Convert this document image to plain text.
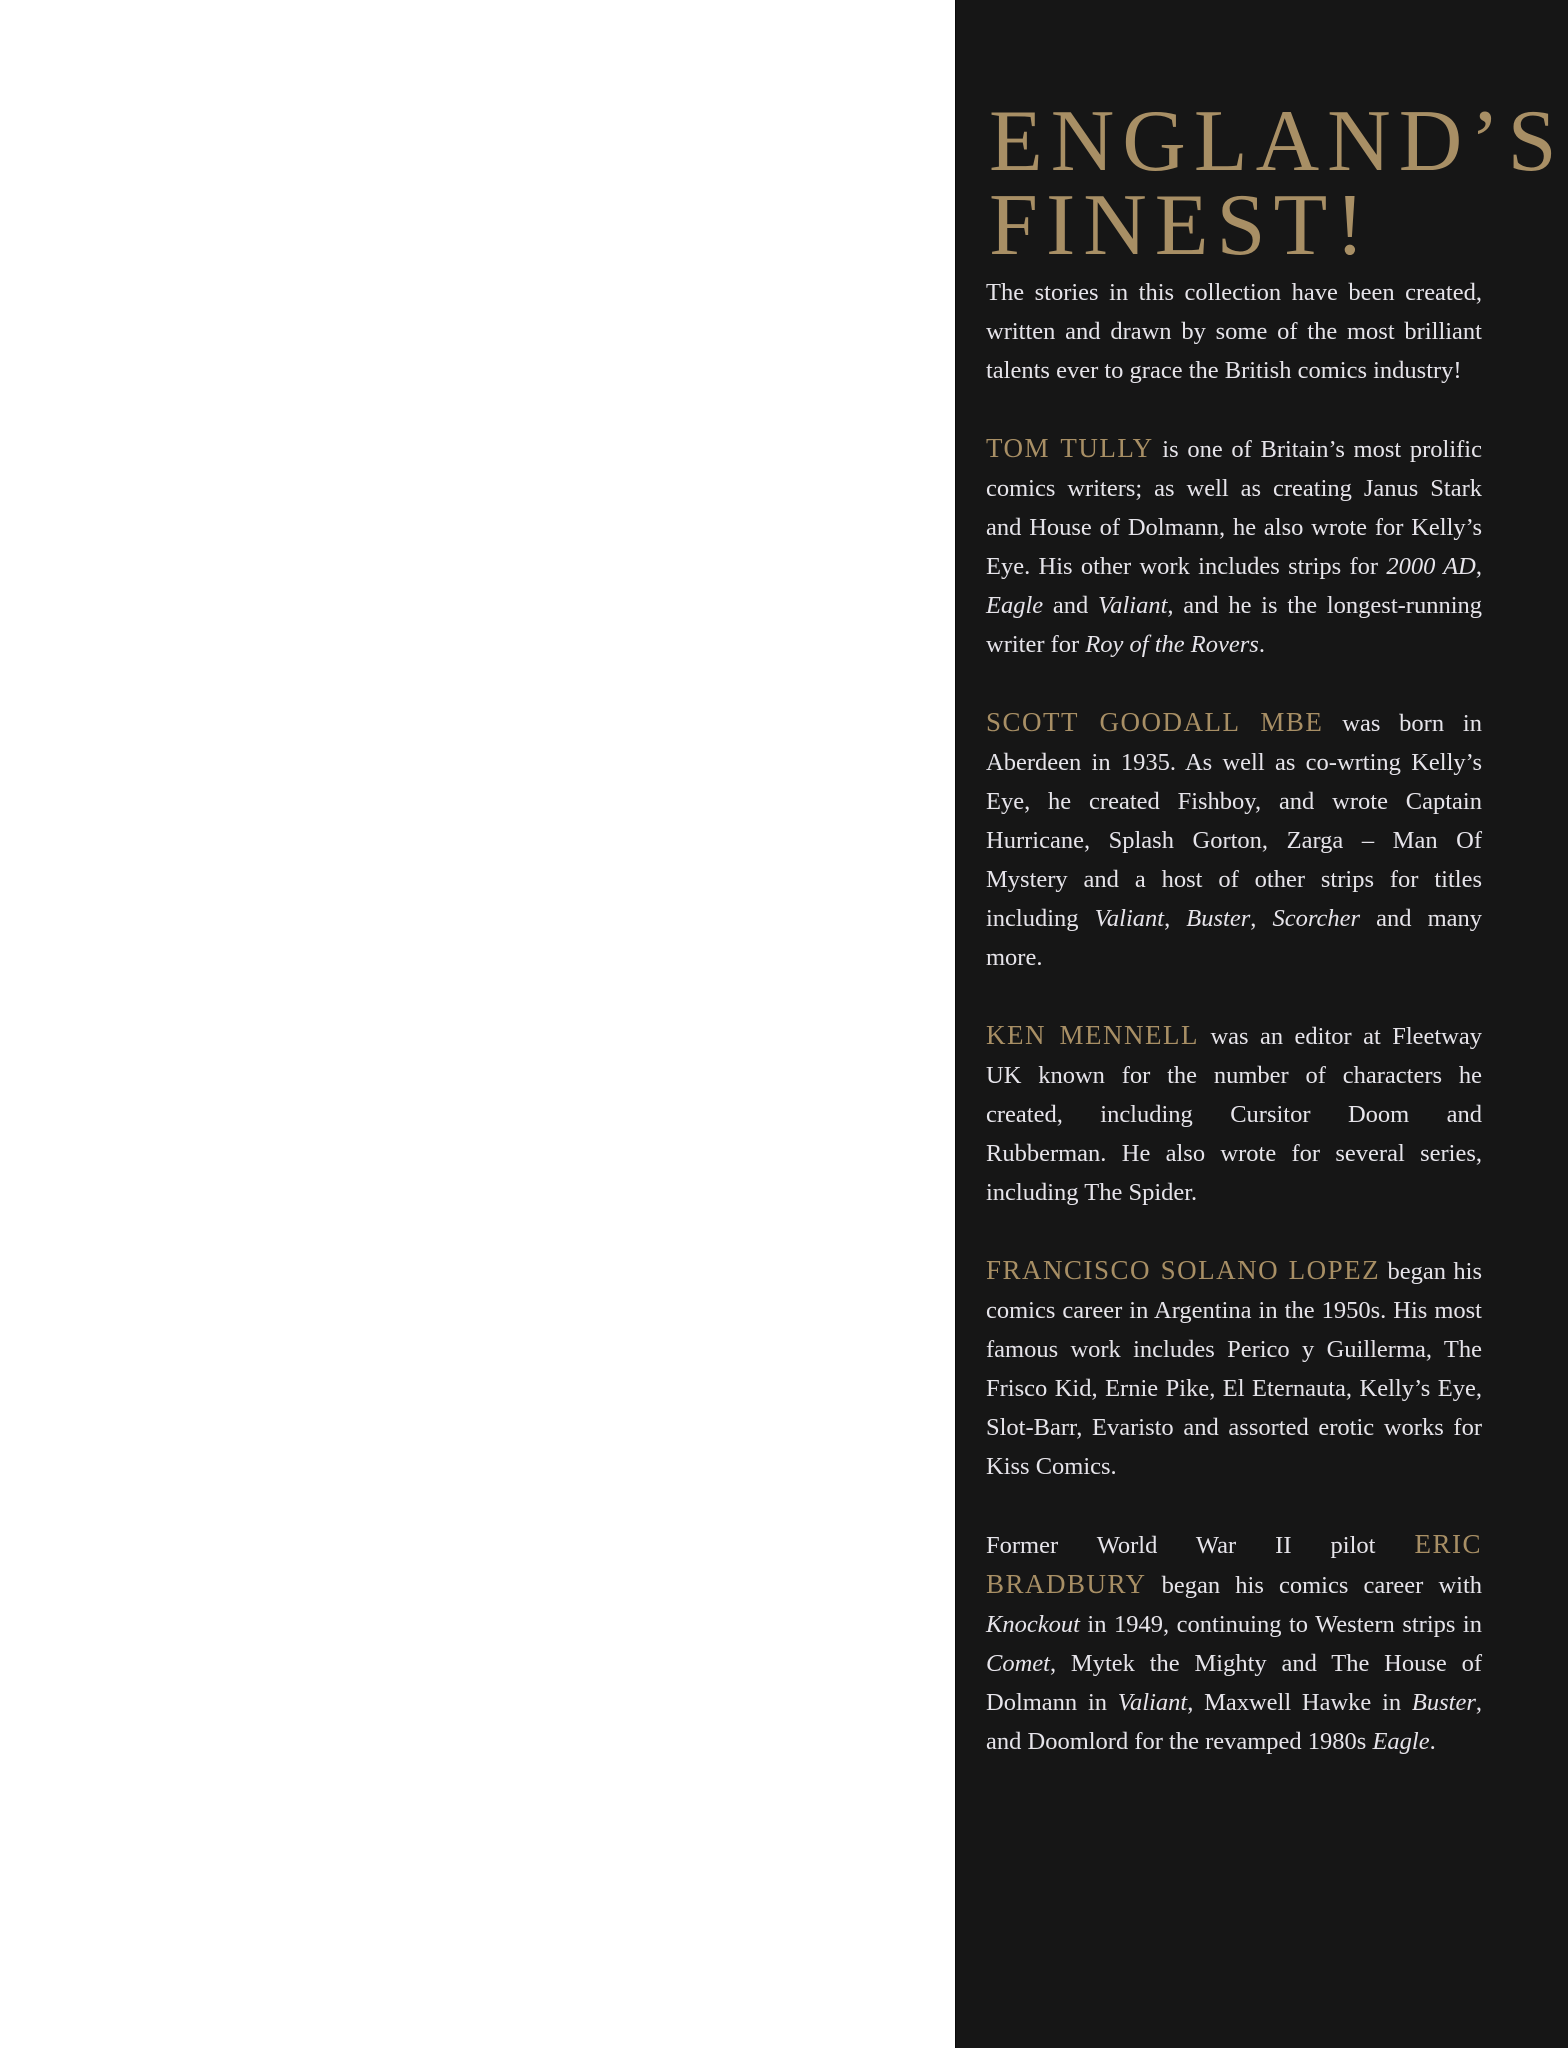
ENGLAND’S
FINEST!

The stories in this collection have been created, written and drawn by some of the most brilliant talents ever to grace the British comics industry!

TOM TULLY is one of Britain’s most prolific comics writers; as well as creating Janus Stark and House of Dolmann, he also wrote for Kelly’s Eye. His other work includes strips for 2000 AD, Eagle and Valiant, and he is the longest-running writer for Roy of the Rovers.

SCOTT GOODALL MBE was born in Aberdeen in 1935. As well as co-wrting Kelly’s Eye, he created Fishboy, and wrote Captain Hurricane, Splash Gorton, Zarga – Man Of Mystery and a host of other strips for titles including Valiant, Buster, Scorcher and many more.

KEN MENNELL was an editor at Fleetway UK known for the number of characters he created, including Cursitor Doom and Rubberman. He also wrote for several series, including The Spider.

FRANCISCO SOLANO LOPEZ began his comics career in Argentina in the 1950s. His most famous work includes Perico y Guillerma, The Frisco Kid, Ernie Pike, El Eternauta, Kelly’s Eye, Slot-Barr, Evaristo and assorted erotic works for Kiss Comics.

Former World War II pilot ERIC BRADBURY began his comics career with Knockout in 1949, continuing to Western strips in Comet, Mytek the Mighty and The House of Dolmann in Valiant, Maxwell Hawke in Buster, and Doomlord for the revamped 1980s Eagle.
